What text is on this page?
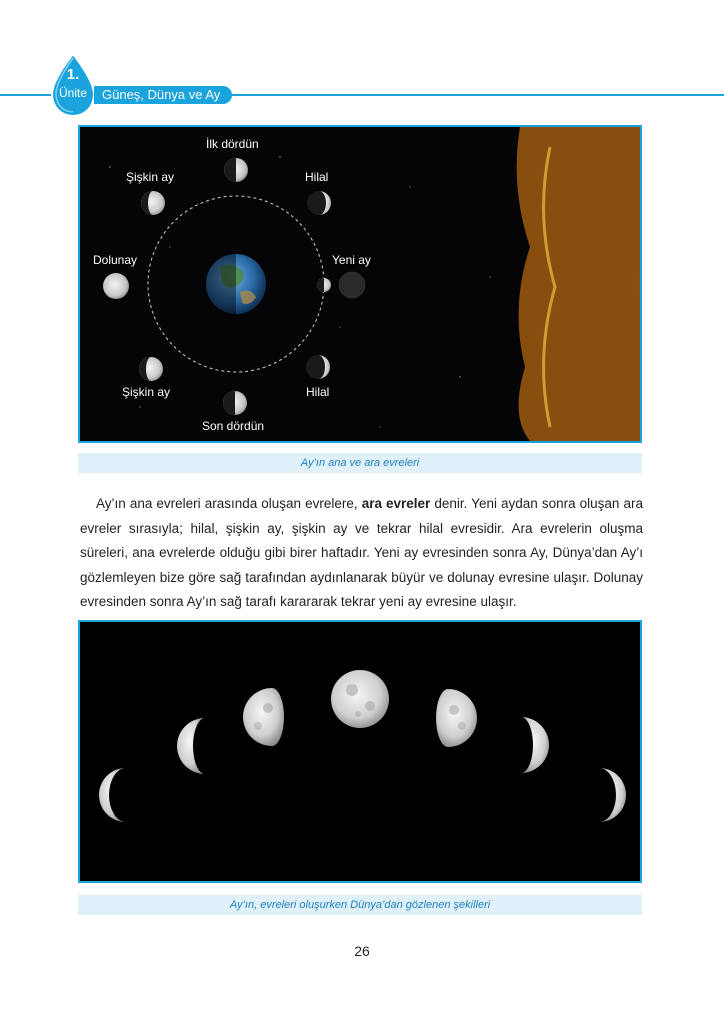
1.
Ünite	Güneş, Dünya ve Ay
İlk dördün
Şişkin ay	Hilal
Dolunay	Yeni ay
Şişkin ay	Hilal
Son dördün
Ay’ın ana ve ara evreleri
Ay’ın ana evreleri arasında oluşan evrelere, ara evreler denir. Yeni aydan sonra oluşan ara evreler sırasıyla; hilal, şişkin ay, şişkin ay ve tekrar hilal evresidir. Ara evrelerin oluşma süreleri, ana evrelerde olduğu gibi birer haftadır. Yeni ay evresinden sonra Ay, Dünya’dan Ay’ı gözlemleyen bize göre sağ tarafından aydınlanarak büyür ve dolunay evresine ulaşır. Dolunay evresinden sonra Ay’ın sağ tarafı karararak tekrar yeni ay evresine ulaşır.
Ay’ın, evreleri oluşurken Dünya’dan gözlenen şekilleri
26
